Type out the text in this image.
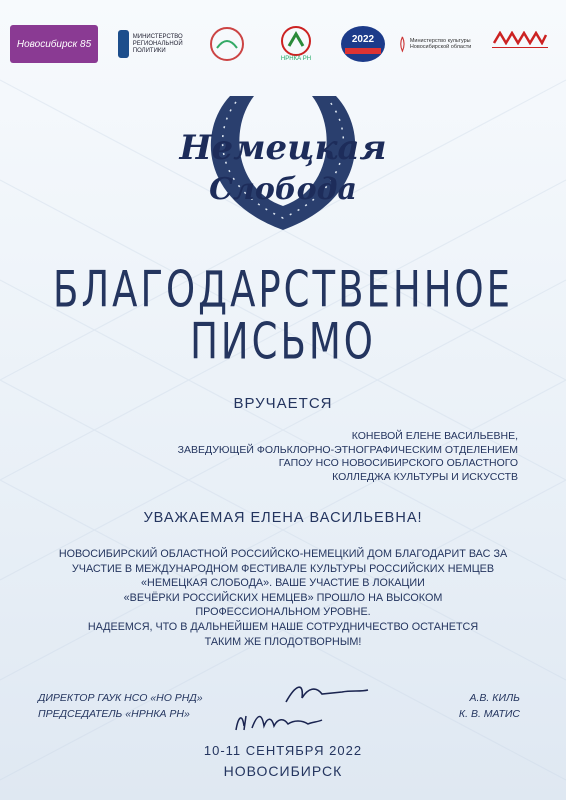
Новосибирск 85
МИНИСТЕРСТВО РЕГИОНАЛЬНОЙ ПОЛИТИКИ
НРНКА РН
2022	Министерство культуры Новосибирской области
Немецкая
Слобода
БЛАГОДАРСТВЕННОЕ
ПИСЬМО
ВРУЧАЕТСЯ
КОНЕВОЙ ЕЛЕНЕ ВАСИЛЬЕВНЕ,
ЗАВЕДУЮЩЕЙ ФОЛЬКЛОРНО-ЭТНОГРАФИЧЕСКИМ ОТДЕЛЕНИЕМ
ГАПОУ НСО НОВОСИБИРСКОГО ОБЛАСТНОГО
КОЛЛЕДЖА КУЛЬТУРЫ И ИСКУССТВ
УВАЖАЕМАЯ ЕЛЕНА ВАСИЛЬЕВНА!
НОВОСИБИРСКИЙ ОБЛАСТНОЙ РОССИЙСКО-НЕМЕЦКИЙ ДОМ БЛАГОДАРИТ ВАС ЗА
УЧАСТИЕ В МЕЖДУНАРОДНОМ ФЕСТИВАЛЕ КУЛЬТУРЫ РОССИЙСКИХ НЕМЦЕВ
«НЕМЕЦКАЯ СЛОБОДА». ВАШЕ УЧАСТИЕ В ЛОКАЦИИ
«ВЕЧЁРКИ РОССИЙСКИХ НЕМЦЕВ» ПРОШЛО НА ВЫСОКОМ
ПРОФЕССИОНАЛЬНОМ УРОВНЕ.
НАДЕЕМСЯ, ЧТО В ДАЛЬНЕЙШЕМ НАШЕ СОТРУДНИЧЕСТВО ОСТАНЕТСЯ
ТАКИМ ЖЕ ПЛОДОТВОРНЫМ!
ДИРЕКТОР ГАУК НСО «НО РНД»
ПРЕДСЕДАТЕЛЬ «НРНКА РН»
А.В. КИЛЬ
К. В. МАТИС
10-11 СЕНТЯБРЯ 2022
НОВОСИБИРСК
